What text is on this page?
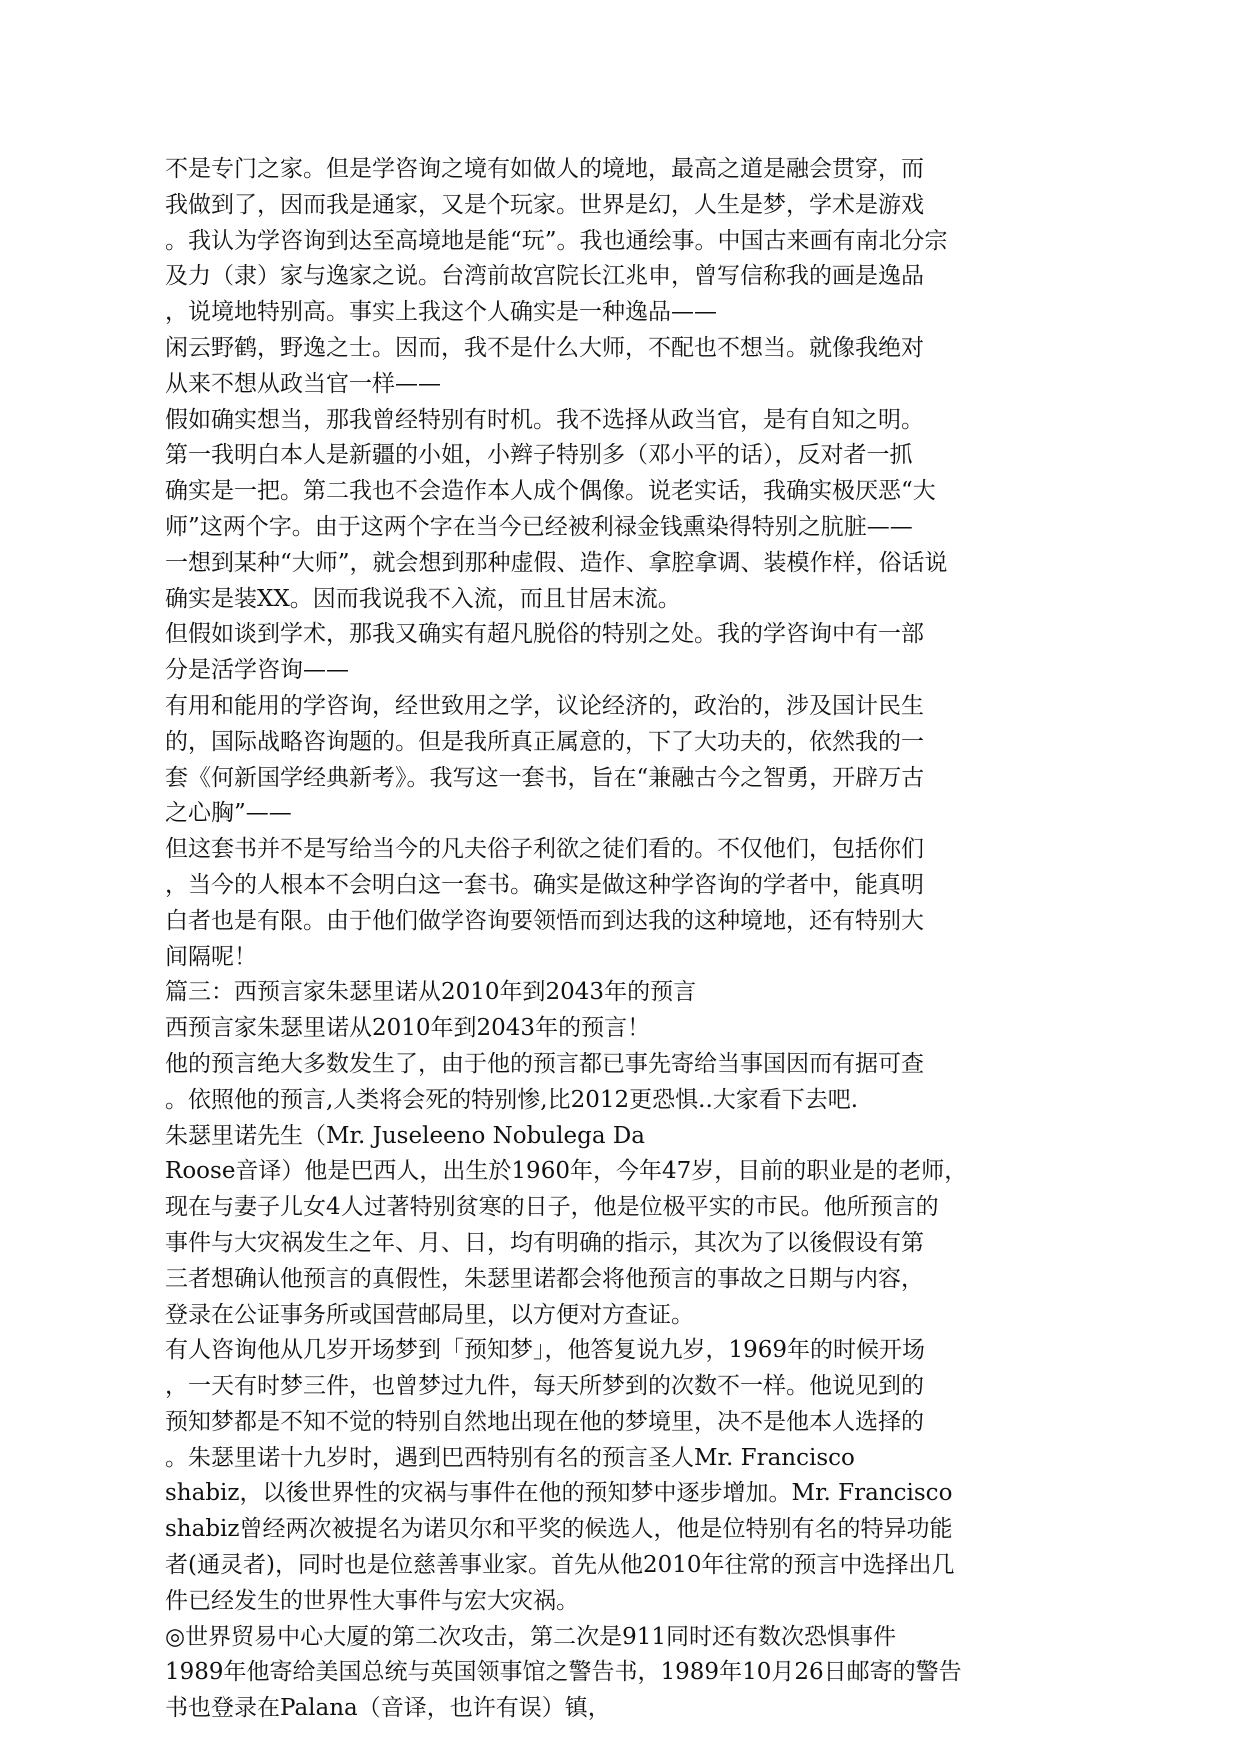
不是专门之家。但是学咨询之境有如做人的境地，最高之道是融会贯穿，而
我做到了，因而我是通家，又是个玩家。世界是幻，人生是梦，学术是游戏
。我认为学咨询到达至高境地是能“玩”。我也通绘事。中国古来画有南北分宗
及力（隶）家与逸家之说。台湾前故宫院长江兆申，曾写信称我的画是逸品
，说境地特别高。事实上我这个人确实是一种逸品——
闲云野鹤，野逸之士。因而，我不是什么大师，不配也不想当。就像我绝对
从来不想从政当官一样——
假如确实想当，那我曾经特别有时机。我不选择从政当官，是有自知之明。
第一我明白本人是新疆的小姐，小辫子特别多（邓小平的话），反对者一抓
确实是一把。第二我也不会造作本人成个偶像。说老实话，我确实极厌恶“大
师”这两个字。由于这两个字在当今已经被利禄金钱熏染得特别之肮脏——
一想到某种“大师”，就会想到那种虚假、造作、拿腔拿调、装模作样，俗话说
确实是装XX。因而我说我不入流，而且甘居末流。
但假如谈到学术，那我又确实有超凡脱俗的特别之处。我的学咨询中有一部
分是活学咨询——
有用和能用的学咨询，经世致用之学，议论经济的，政治的，涉及国计民生
的，国际战略咨询题的。但是我所真正属意的，下了大功夫的，依然我的一
套《何新国学经典新考》。我写这一套书，旨在“兼融古今之智勇，开辟万古
之心胸”——
但这套书并不是写给当今的凡夫俗子利欲之徒们看的。不仅他们，包括你们
，当今的人根本不会明白这一套书。确实是做这种学咨询的学者中，能真明
白者也是有限。由于他们做学咨询要领悟而到达我的这种境地，还有特别大
间隔呢！
篇三：西预言家朱瑟里诺从2010年到2043年的预言
西预言家朱瑟里诺从2010年到2043年的预言！
他的预言绝大多数发生了，由于他的预言都已事先寄给当事国因而有据可查
。依照他的预言,人类将会死的特别惨,比2012更恐惧..大家看下去吧.
朱瑟里诺先生（Mr. Juseleeno Nobulega Da
Roose音译）他是巴西人，出生於1960年，今年47岁，目前的职业是的老师，
现在与妻子儿女4人过著特别贫寒的日子，他是位极平实的市民。他所预言的
事件与大灾祸发生之年、月、日，均有明确的指示，其次为了以後假设有第
三者想确认他预言的真假性，朱瑟里诺都会将他预言的事故之日期与内容，
登录在公证事务所或国营邮局里，以方便对方查证。
有人咨询他从几岁开场梦到「预知梦」，他答复说九岁，1969年的时候开场
，一天有时梦三件，也曾梦过九件，每天所梦到的次数不一样。他说见到的
预知梦都是不知不觉的特别自然地出现在他的梦境里，决不是他本人选择的
。朱瑟里诺十九岁时，遇到巴西特别有名的预言圣人Mr. Francisco
shabiz，以後世界性的灾祸与事件在他的预知梦中逐步增加。Mr. Francisco
shabiz曾经两次被提名为诺贝尔和平奖的候选人，他是位特别有名的特异功能
者(通灵者)，同时也是位慈善事业家。首先从他2010年往常的预言中选择出几
件已经发生的世界性大事件与宏大灾祸。
◎世界贸易中心大厦的第二次攻击，第二次是911同时还有数次恐惧事件
1989年他寄给美国总统与英国领事馆之警告书，1989年10月26日邮寄的警告
书也登录在Palana（音译，也许有误）镇，
